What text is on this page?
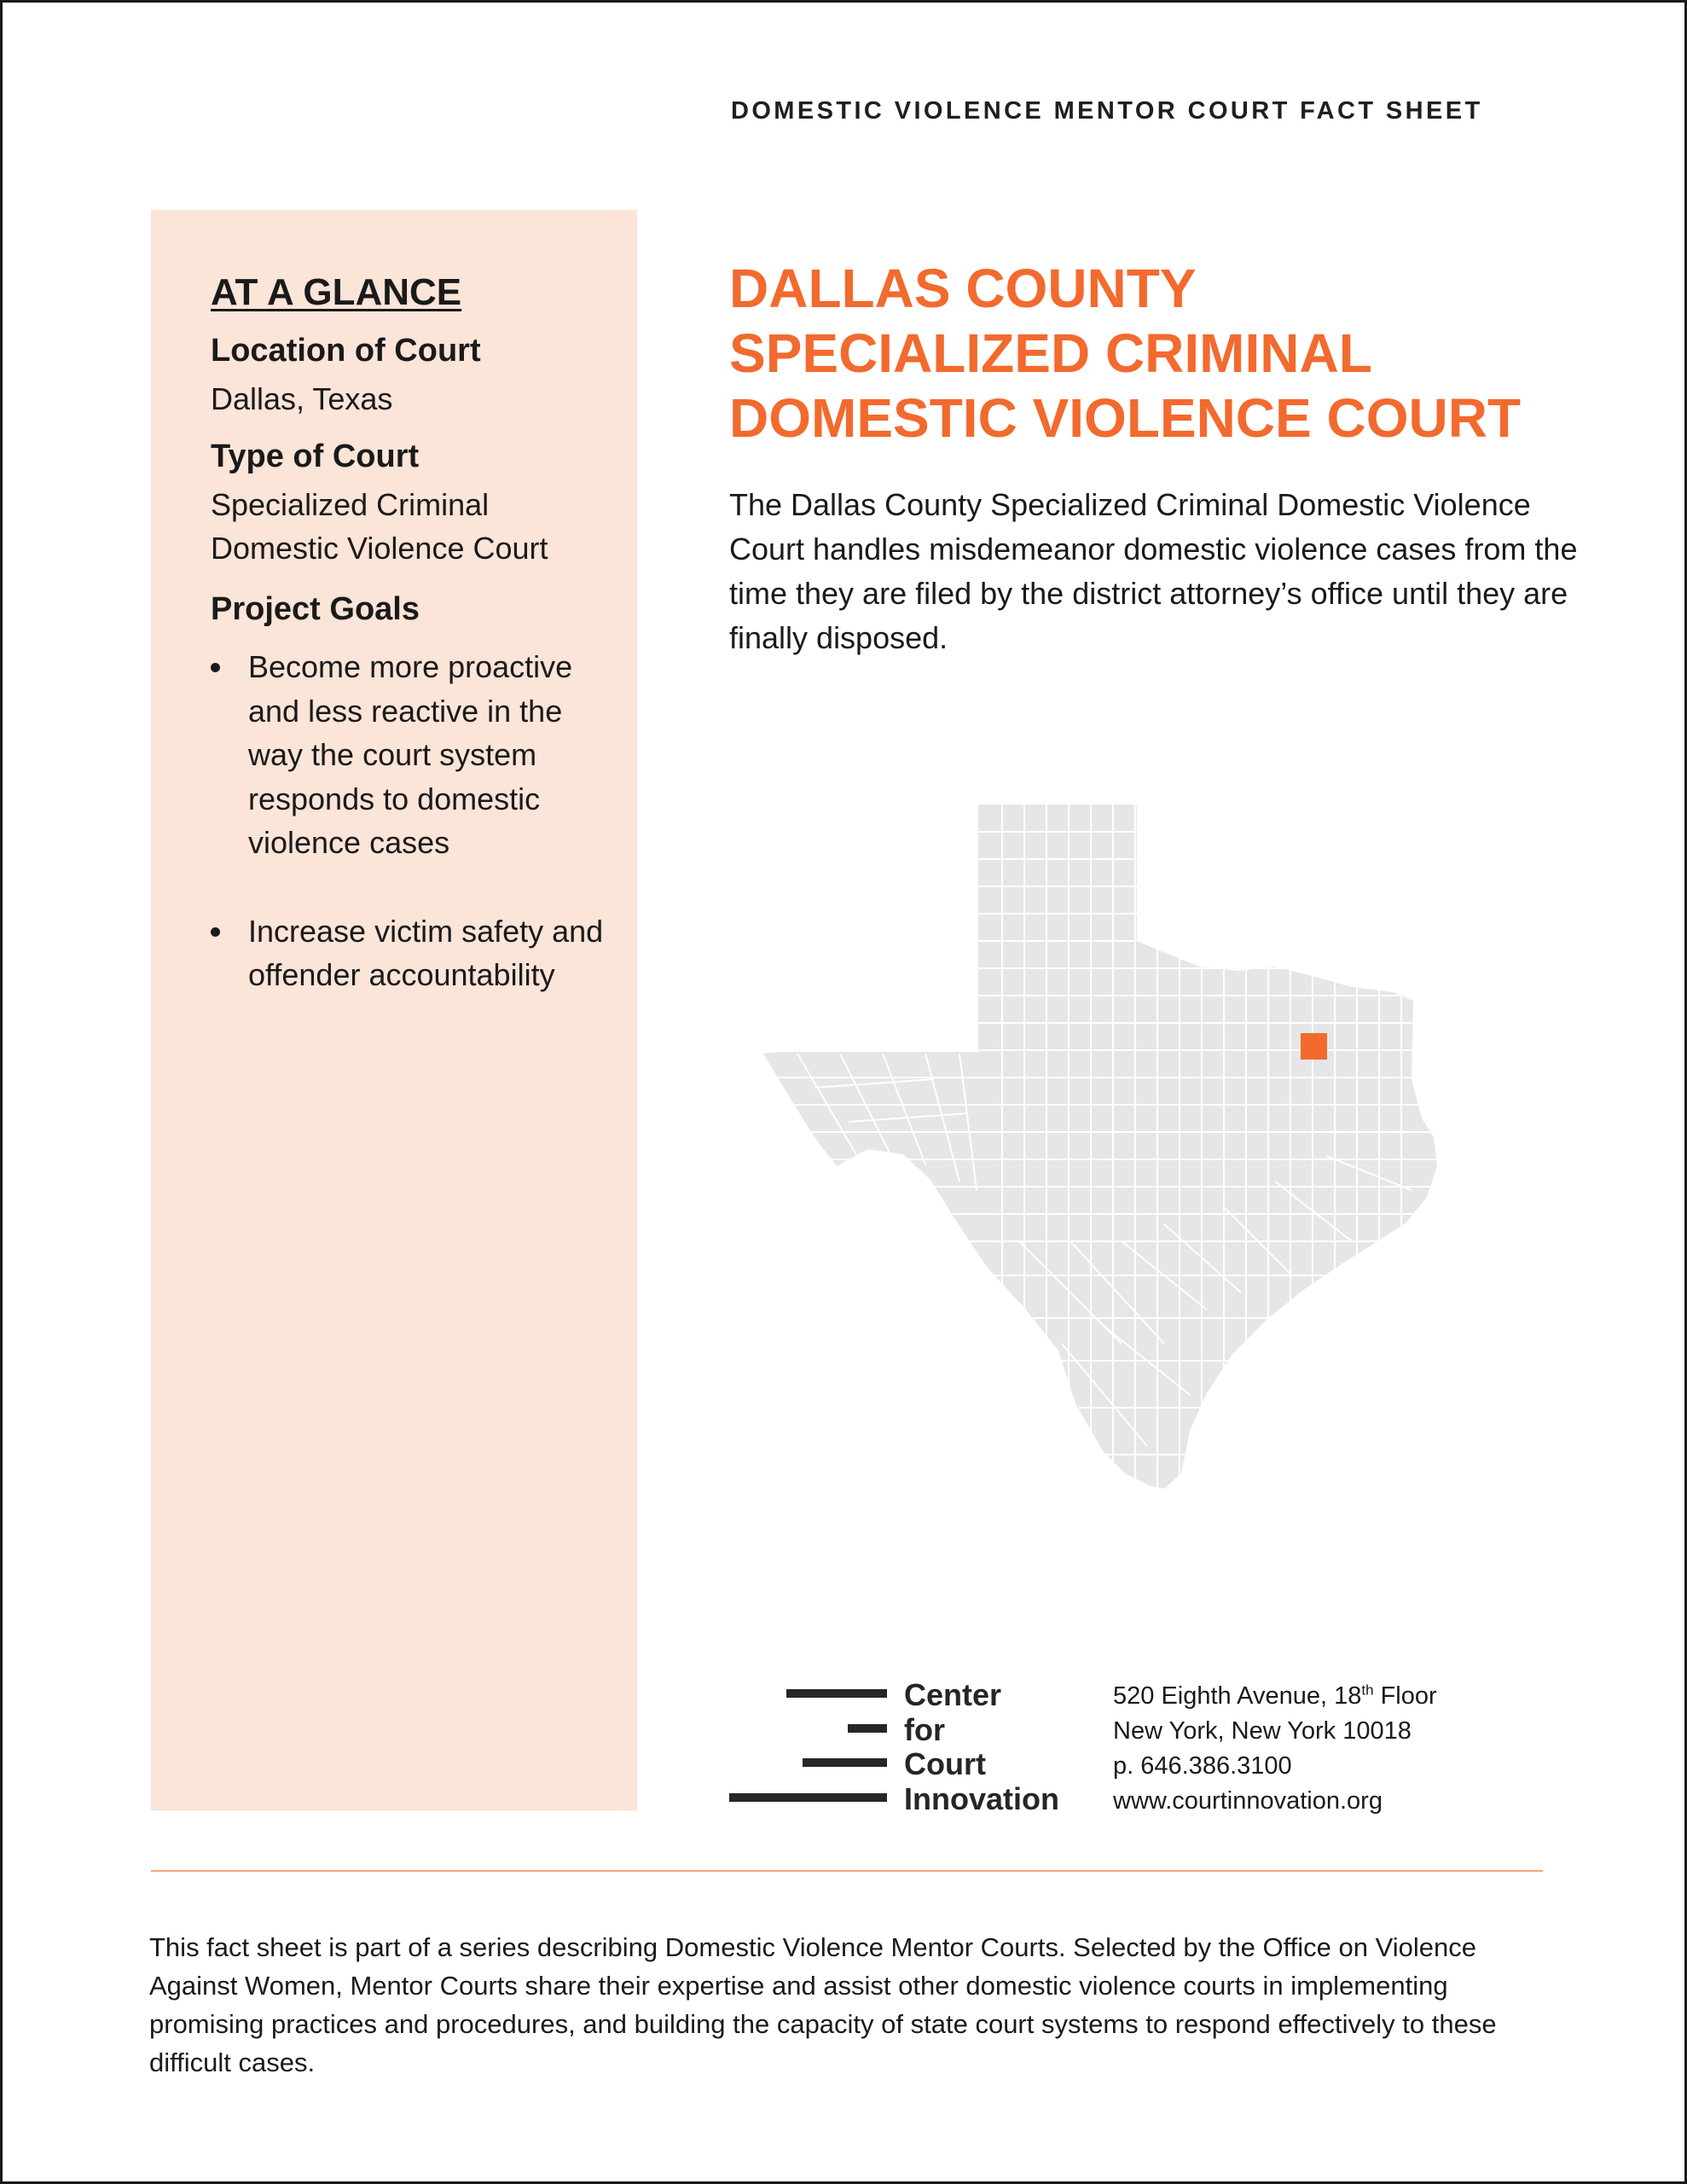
DOMESTIC VIOLENCE MENTOR COURT FACT SHEET
AT A GLANCE
Location of Court
Dallas, Texas
Type of Court
Specialized Criminal
Domestic Violence Court
Project Goals
Become more proactive and less reactive in the way the court system responds to domestic violence cases
Increase victim safety and offender accountability
DALLAS COUNTY
SPECIALIZED CRIMINAL
DOMESTIC VIOLENCE COURT

The Dallas County Specialized Criminal Domestic Violence Court handles misdemeanor domestic violence cases from the time they are filed by the district attorney’s office until they are finally disposed.

Center
for
Court
Innovation
520 Eighth Avenue, 18th Floor
New York, New York 10018
p. 646.386.3100
www.courtinnovation.org

This fact sheet is part of a series describing Domestic Violence Mentor Courts. Selected by the Office on Violence Against Women, Mentor Courts share their expertise and assist other domestic violence courts in implementing promising practices and procedures, and building the capacity of state court systems to respond effectively to these difficult cases.
